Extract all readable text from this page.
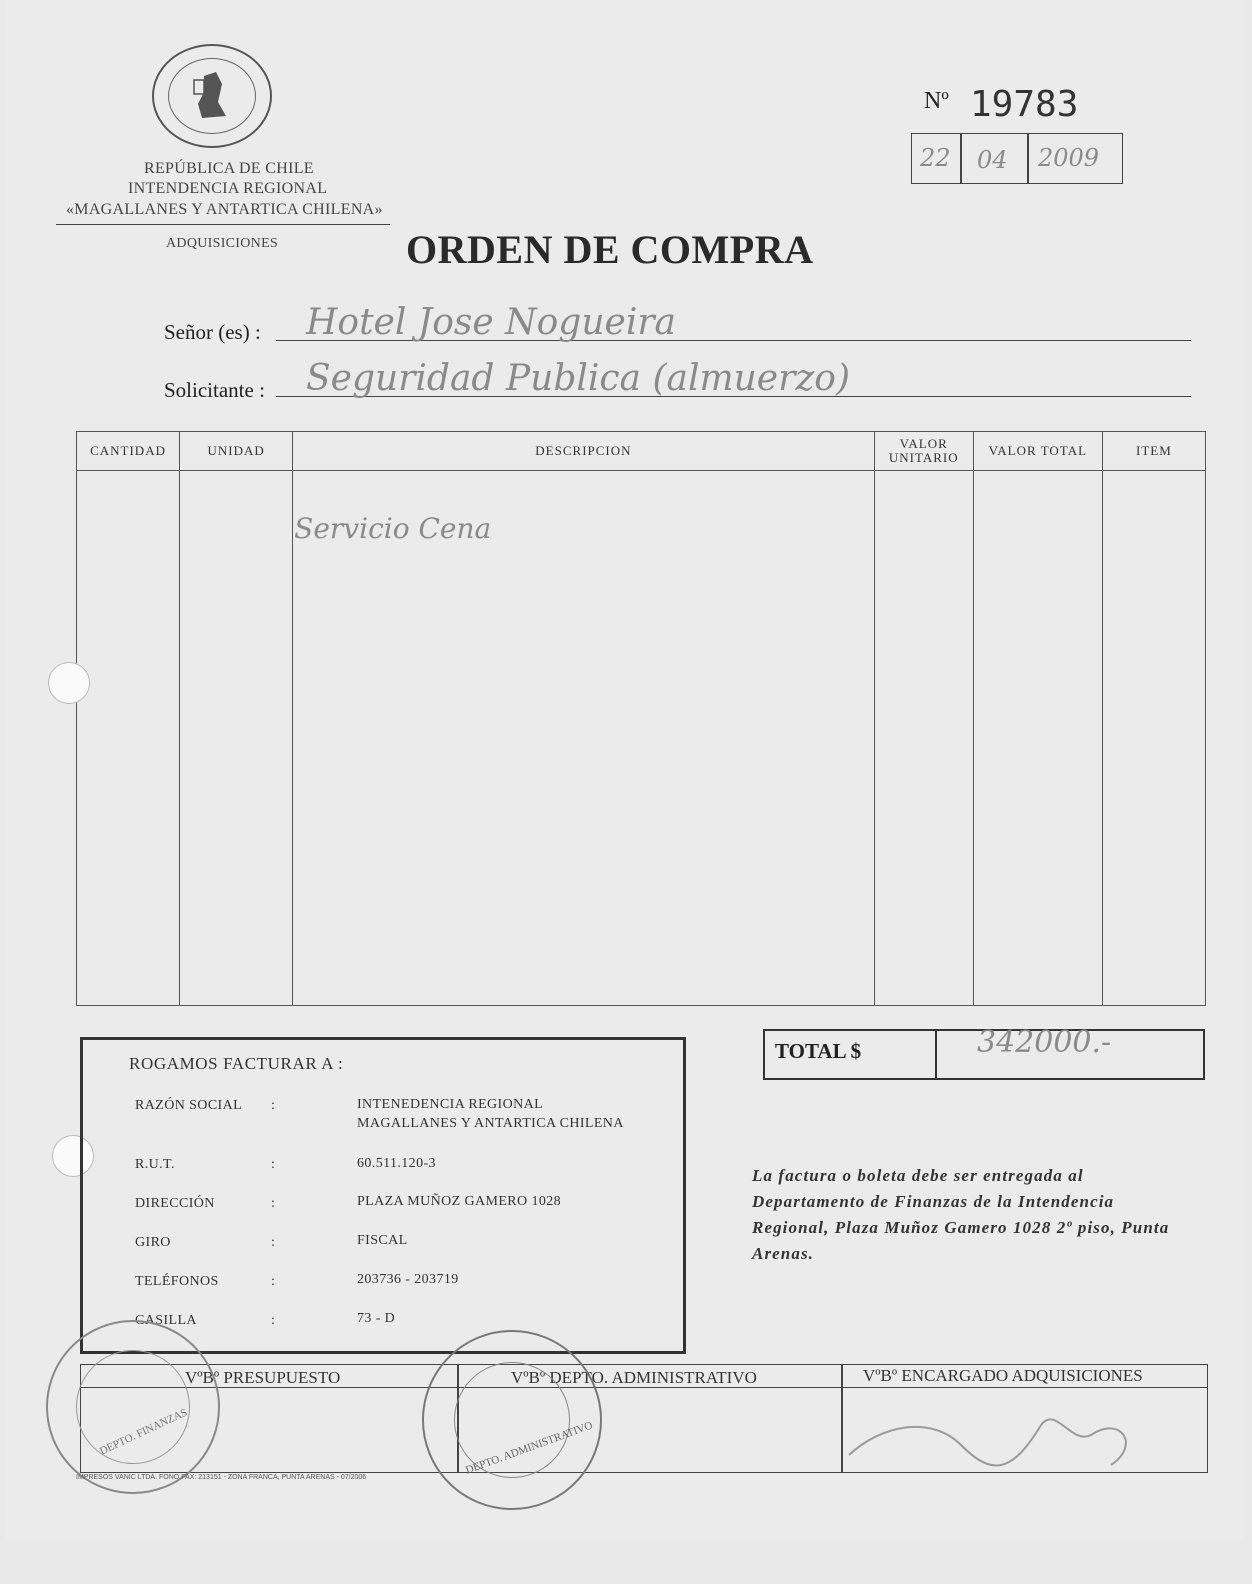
REPÚBLICA DE CHILE
INTENDENCIA REGIONAL
«MAGALLANES Y ANTARTICA CHILENA»
ADQUISICIONES	ORDEN DE COMPRA
Nº 19783
22 04 2009
Señor (es) : Hotel Jose Nogueira
Solicitante : Seguridad Publica (almuerzo)
CANTIDAD	UNIDAD	DESCRIPCION	VALOR UNITARIO	VALOR TOTAL	ITEM
		Servicio Cena			
ROGAMOS FACTURAR A :
RAZÓN SOCIAL :	INTENEDENCIA REGIONAL
MAGALLANES Y ANTARTICA CHILENA
R.U.T.	:	60.511.120-3
DIRECCIÓN	:	PLAZA MUÑOZ GAMERO 1028
GIRO	:	FISCAL
TELÉFONOS	:	203736 - 203719
CASILLA	:	73 - D
TOTAL $	342000.-
La factura o boleta debe ser entregada al Departamento de Finanzas de la Intendencia Regional, Plaza Muñoz Gamero 1028 2º piso, Punta Arenas.
VºBº PRESUPUESTO	VºBº DEPTO. ADMINISTRATIVO	VºBº ENCARGADO ADQUISICIONES
DEPTO. FINANZAS	DEPTO. ADMINISTRATIVO
IMPRESOS VANIC LTDA. FONO FAX: 213151 - ZONA FRANCA, PUNTA ARENAS - 07/2006
